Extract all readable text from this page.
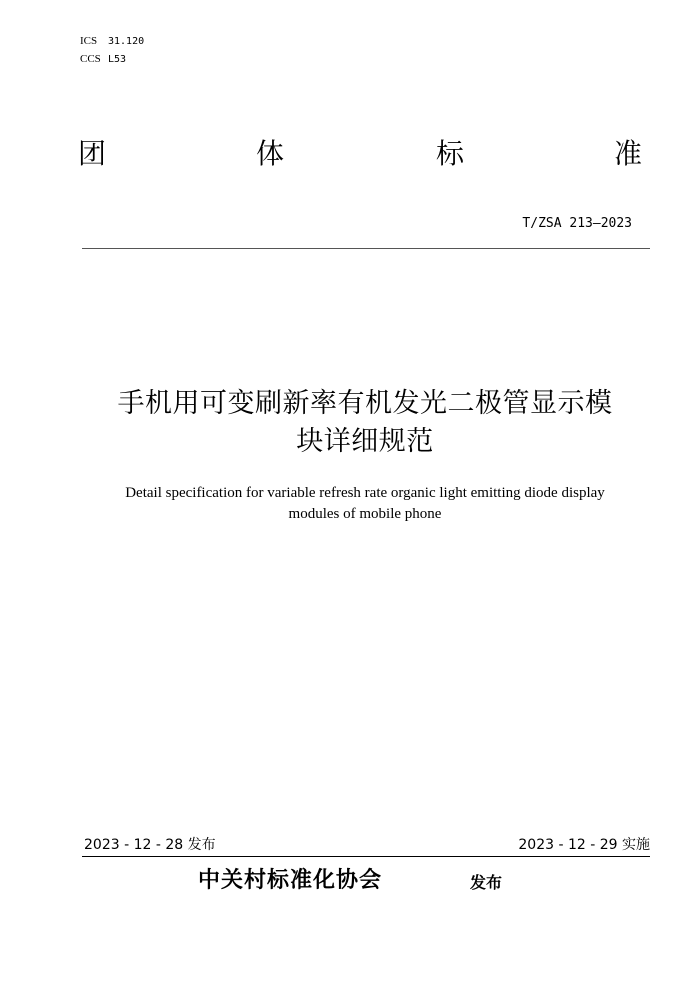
ICS 31.120
CCS L53
团	体	标	准
T/ZSA 213—2023
手机用可变刷新率有机发光二极管显示模
块详细规范
Detail specification for variable refresh rate organic light emitting diode display
modules of mobile phone
2023 - 12 - 28 发布	2023 - 12 - 29 实施
中关村标准化协会	发布
